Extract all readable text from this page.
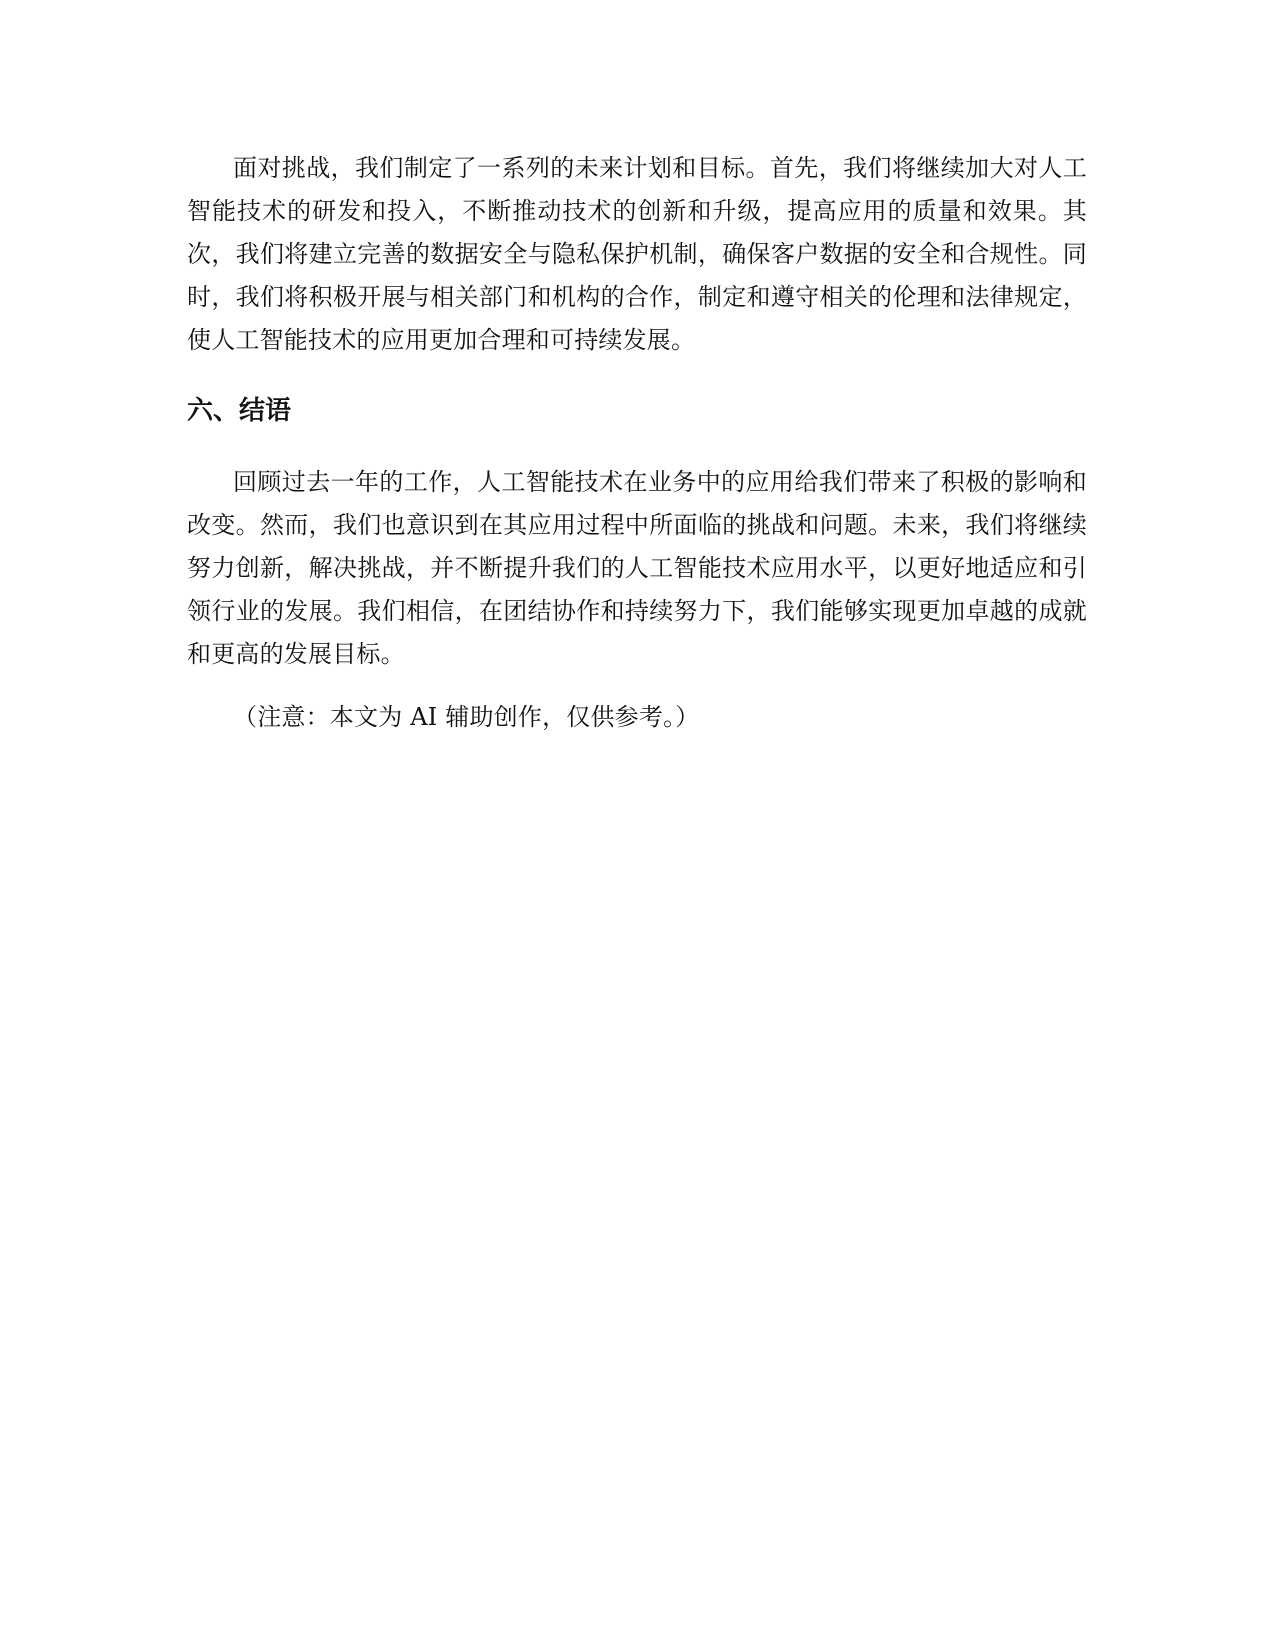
面对挑战，我们制定了一系列的未来计划和目标。首先，我们将继续加大对人工智能技术的研发和投入，不断推动技术的创新和升级，提高应用的质量和效果。其次，我们将建立完善的数据安全与隐私保护机制，确保客户数据的安全和合规性。同时，我们将积极开展与相关部门和机构的合作，制定和遵守相关的伦理和法律规定，使人工智能技术的应用更加合理和可持续发展。

六、结语

回顾过去一年的工作，人工智能技术在业务中的应用给我们带来了积极的影响和改变。然而，我们也意识到在其应用过程中所面临的挑战和问题。未来，我们将继续努力创新，解决挑战，并不断提升我们的人工智能技术应用水平，以更好地适应和引领行业的发展。我们相信，在团结协作和持续努力下，我们能够实现更加卓越的成就和更高的发展目标。

（注意：本文为 AI 辅助创作，仅供参考。）
